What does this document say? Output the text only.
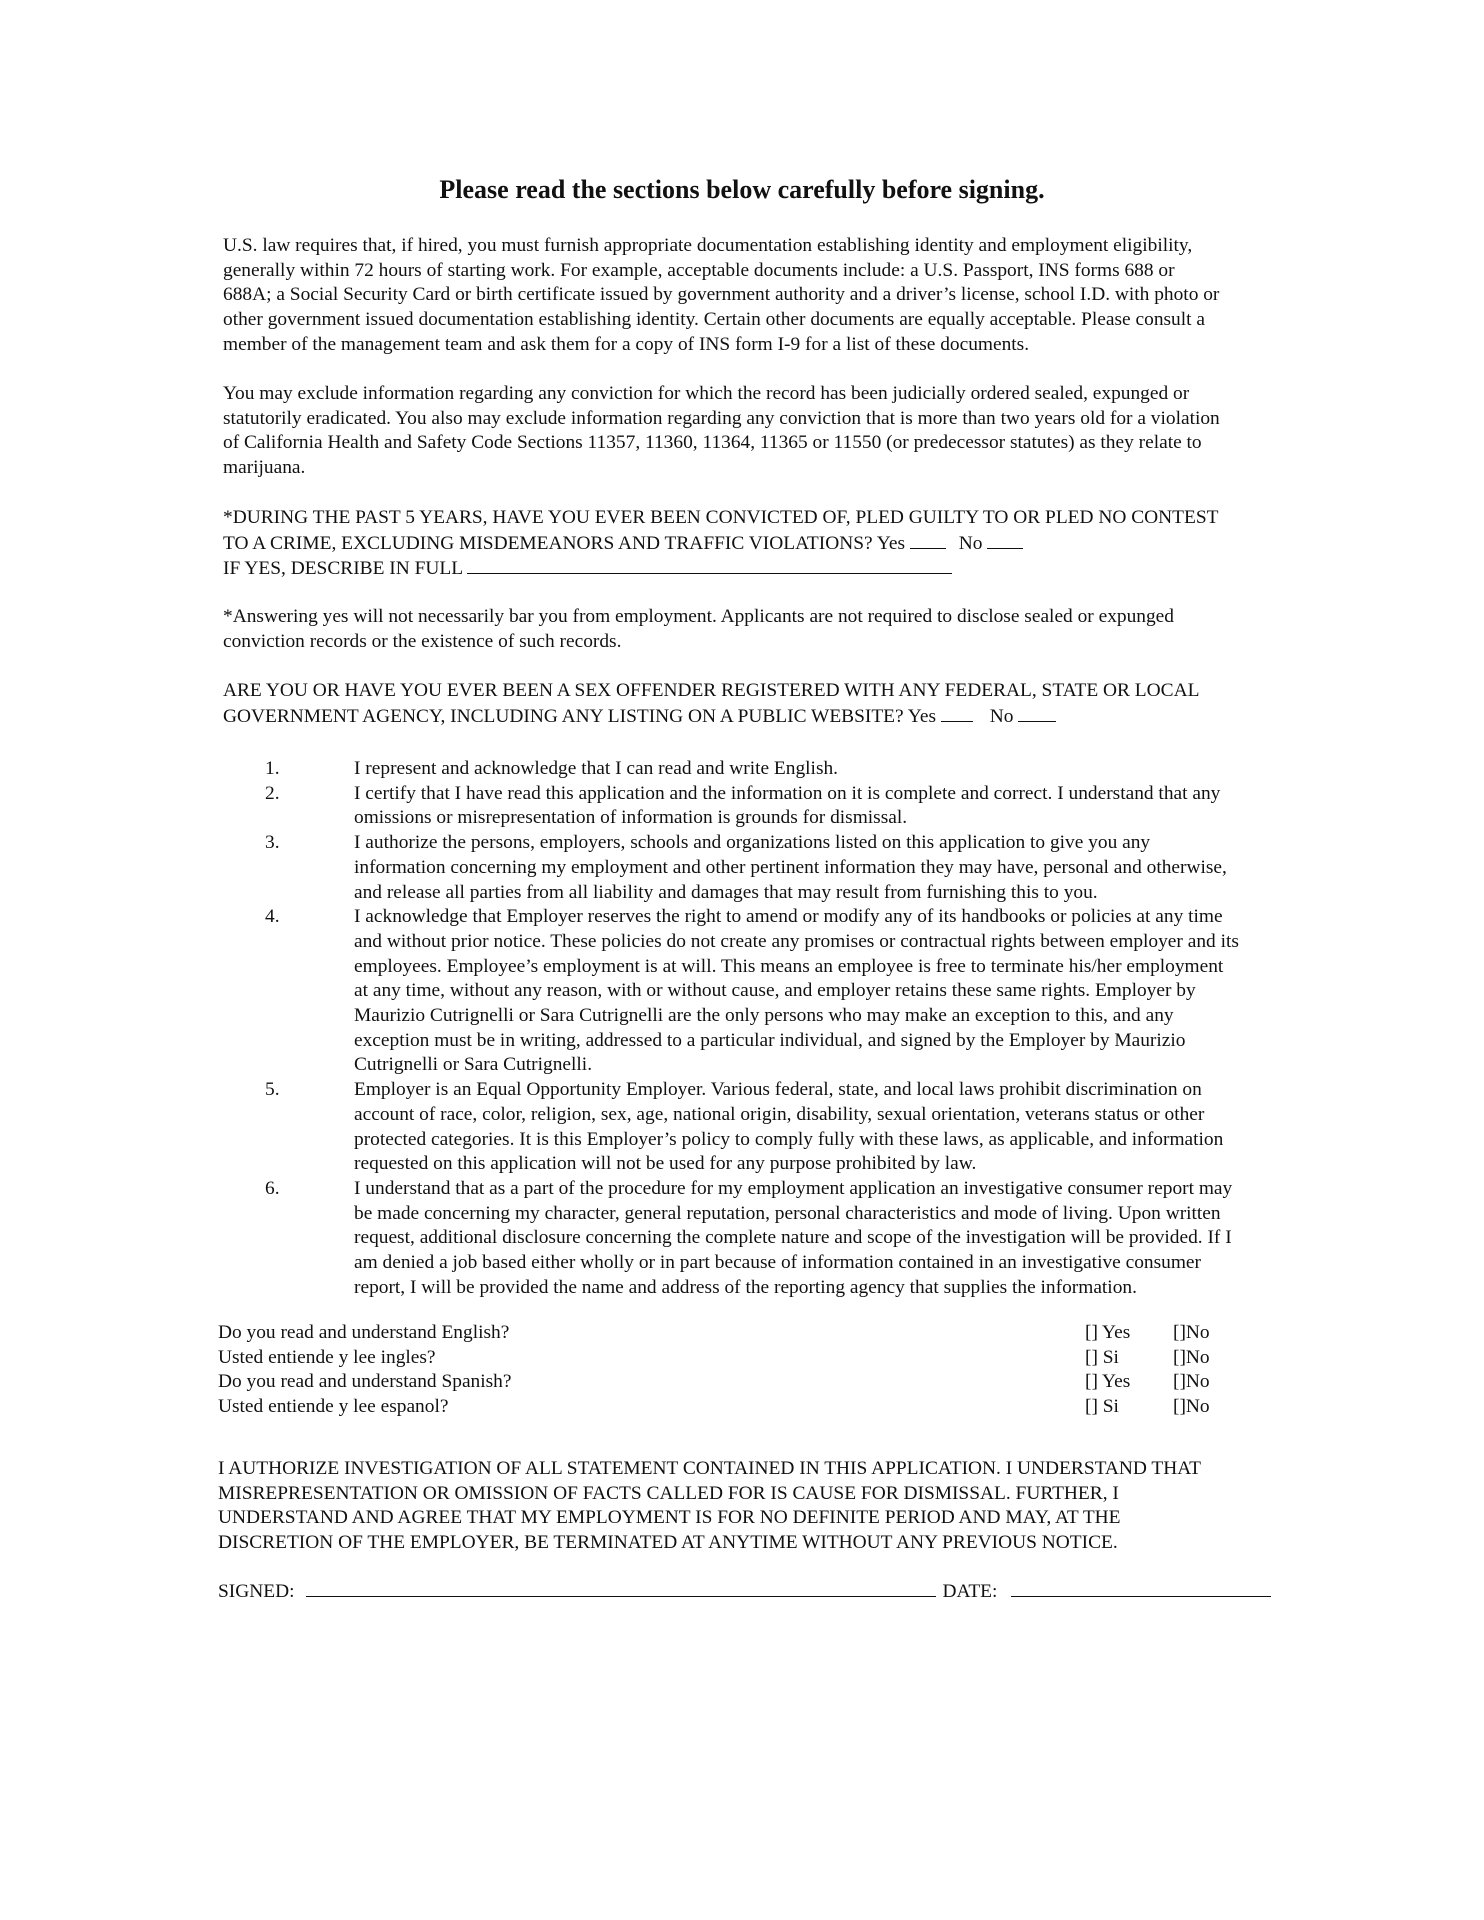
Please read the sections below carefully before signing.
U.S. law requires that, if hired, you must furnish appropriate documentation establishing identity and employment eligibility,
generally within 72 hours of starting work. For example, acceptable documents include: a U.S. Passport, INS forms 688 or
688A; a Social Security Card or birth certificate issued by government authority and a driver’s license, school I.D. with photo or
other government issued documentation establishing identity. Certain other documents are equally acceptable. Please consult a
member of the management team and ask them for a copy of INS form I-9 for a list of these documents.
You may exclude information regarding any conviction for which the record has been judicially ordered sealed, expunged or
statutorily eradicated. You also may exclude information regarding any conviction that is more than two years old for a violation
of California Health and Safety Code Sections 11357, 11360, 11364, 11365 or 11550 (or predecessor statutes) as they relate to
marijuana.
*DURING THE PAST 5 YEARS, HAVE YOU EVER BEEN CONVICTED OF, PLED GUILTY TO OR PLED NO CONTEST
TO A CRIME, EXCLUDING MISDEMEANORS AND TRAFFIC VIOLATIONS? Yes	No
IF YES, DESCRIBE IN FULL
*Answering yes will not necessarily bar you from employment. Applicants are not required to disclose sealed or expunged
conviction records or the existence of such records.
ARE YOU OR HAVE YOU EVER BEEN A SEX OFFENDER REGISTERED WITH ANY FEDERAL, STATE OR LOCAL
GOVERNMENT AGENCY, INCLUDING ANY LISTING ON A PUBLIC WEBSITE? Yes	No
1.	I represent and acknowledge that I can read and write English.
2.	I certify that I have read this application and the information on it is complete and correct. I understand that any
omissions or misrepresentation of information is grounds for dismissal.
3.	I authorize the persons, employers, schools and organizations listed on this application to give you any
information concerning my employment and other pertinent information they may have, personal and otherwise,
and release all parties from all liability and damages that may result from furnishing this to you.
4.	I acknowledge that Employer reserves the right to amend or modify any of its handbooks or policies at any time
and without prior notice. These policies do not create any promises or contractual rights between employer and its
employees. Employee’s employment is at will. This means an employee is free to terminate his/her employment
at any time, without any reason, with or without cause, and employer retains these same rights. Employer by
Maurizio Cutrignelli or Sara Cutrignelli are the only persons who may make an exception to this, and any
exception must be in writing, addressed to a particular individual, and signed by the Employer by Maurizio
Cutrignelli or Sara Cutrignelli.
5.	Employer is an Equal Opportunity Employer. Various federal, state, and local laws prohibit discrimination on
account of race, color, religion, sex, age, national origin, disability, sexual orientation, veterans status or other
protected categories. It is this Employer’s policy to comply fully with these laws, as applicable, and information
requested on this application will not be used for any purpose prohibited by law.
6.	I understand that as a part of the procedure for my employment application an investigative consumer report may
be made concerning my character, general reputation, personal characteristics and mode of living. Upon written
request, additional disclosure concerning the complete nature and scope of the investigation will be provided. If I
am denied a job based either wholly or in part because of information contained in an investigative consumer
report, I will be provided the name and address of the reporting agency that supplies the information.
Do you read and understand English?	[] Yes []No
Usted entiende y lee ingles?	[] Si	[]No
Do you read and understand Spanish?	[] Yes []No
Usted entiende y lee espanol?	[] Si	[]No
I AUTHORIZE INVESTIGATION OF ALL STATEMENT CONTAINED IN THIS APPLICATION. I UNDERSTAND THAT
MISREPRESENTATION OR OMISSION OF FACTS CALLED FOR IS CAUSE FOR DISMISSAL. FURTHER, I
UNDERSTAND AND AGREE THAT MY EMPLOYMENT IS FOR NO DEFINITE PERIOD AND MAY, AT THE
DISCRETION OF THE EMPLOYER, BE TERMINATED AT ANYTIME WITHOUT ANY PREVIOUS NOTICE.
SIGNED:	DATE:
